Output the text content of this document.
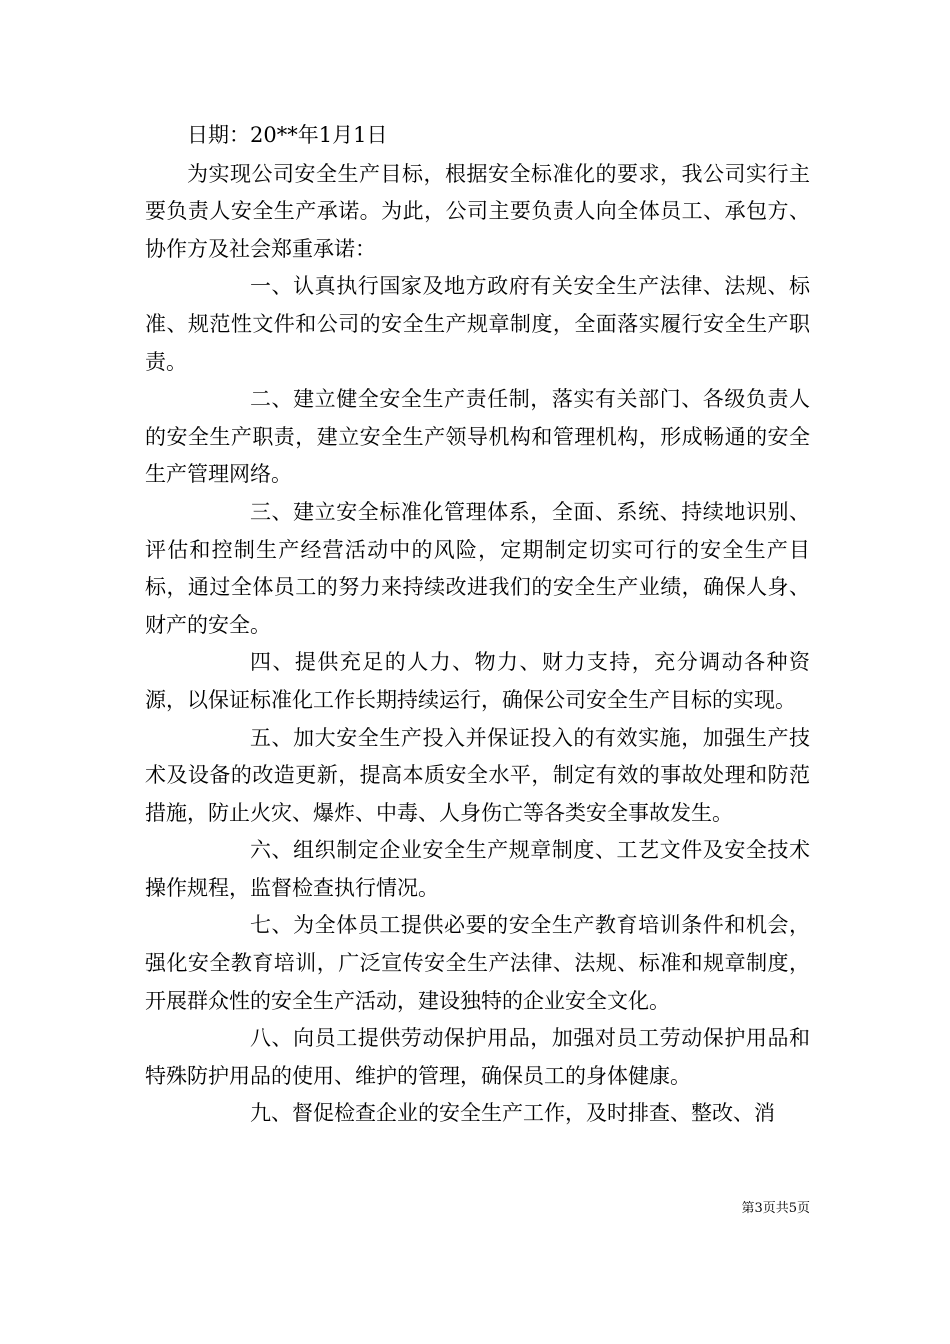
日期：20**年1月1日

为实现公司安全生产目标，根据安全标准化的要求，我公司实行主要负责人安全生产承诺。为此，公司主要负责人向全体员工、承包方、协作方及社会郑重承诺：

一、认真执行国家及地方政府有关安全生产法律、法规、标准、规范性文件和公司的安全生产规章制度，全面落实履行安全生产职责。

二、建立健全安全生产责任制，落实有关部门、各级负责人的安全生产职责，建立安全生产领导机构和管理机构，形成畅通的安全生产管理网络。

三、建立安全标准化管理体系，全面、系统、持续地识别、评估和控制生产经营活动中的风险，定期制定切实可行的安全生产目标，通过全体员工的努力来持续改进我们的安全生产业绩，确保人身、财产的安全。

四、提供充足的人力、物力、财力支持，充分调动各种资源，以保证标准化工作长期持续运行，确保公司安全生产目标的实现。

五、加大安全生产投入并保证投入的有效实施，加强生产技术及设备的改造更新，提高本质安全水平，制定有效的事故处理和防范措施，防止火灾、爆炸、中毒、人身伤亡等各类安全事故发生。

六、组织制定企业安全生产规章制度、工艺文件及安全技术操作规程，监督检查执行情况。

七、为全体员工提供必要的安全生产教育培训条件和机会，强化安全教育培训，广泛宣传安全生产法律、法规、标准和规章制度，开展群众性的安全生产活动，建设独特的企业安全文化。

八、向员工提供劳动保护用品，加强对员工劳动保护用品和特殊防护用品的使用、维护的管理，确保员工的身体健康。

九、督促检查企业的安全生产工作，及时排查、整改、消

第3页共5页
